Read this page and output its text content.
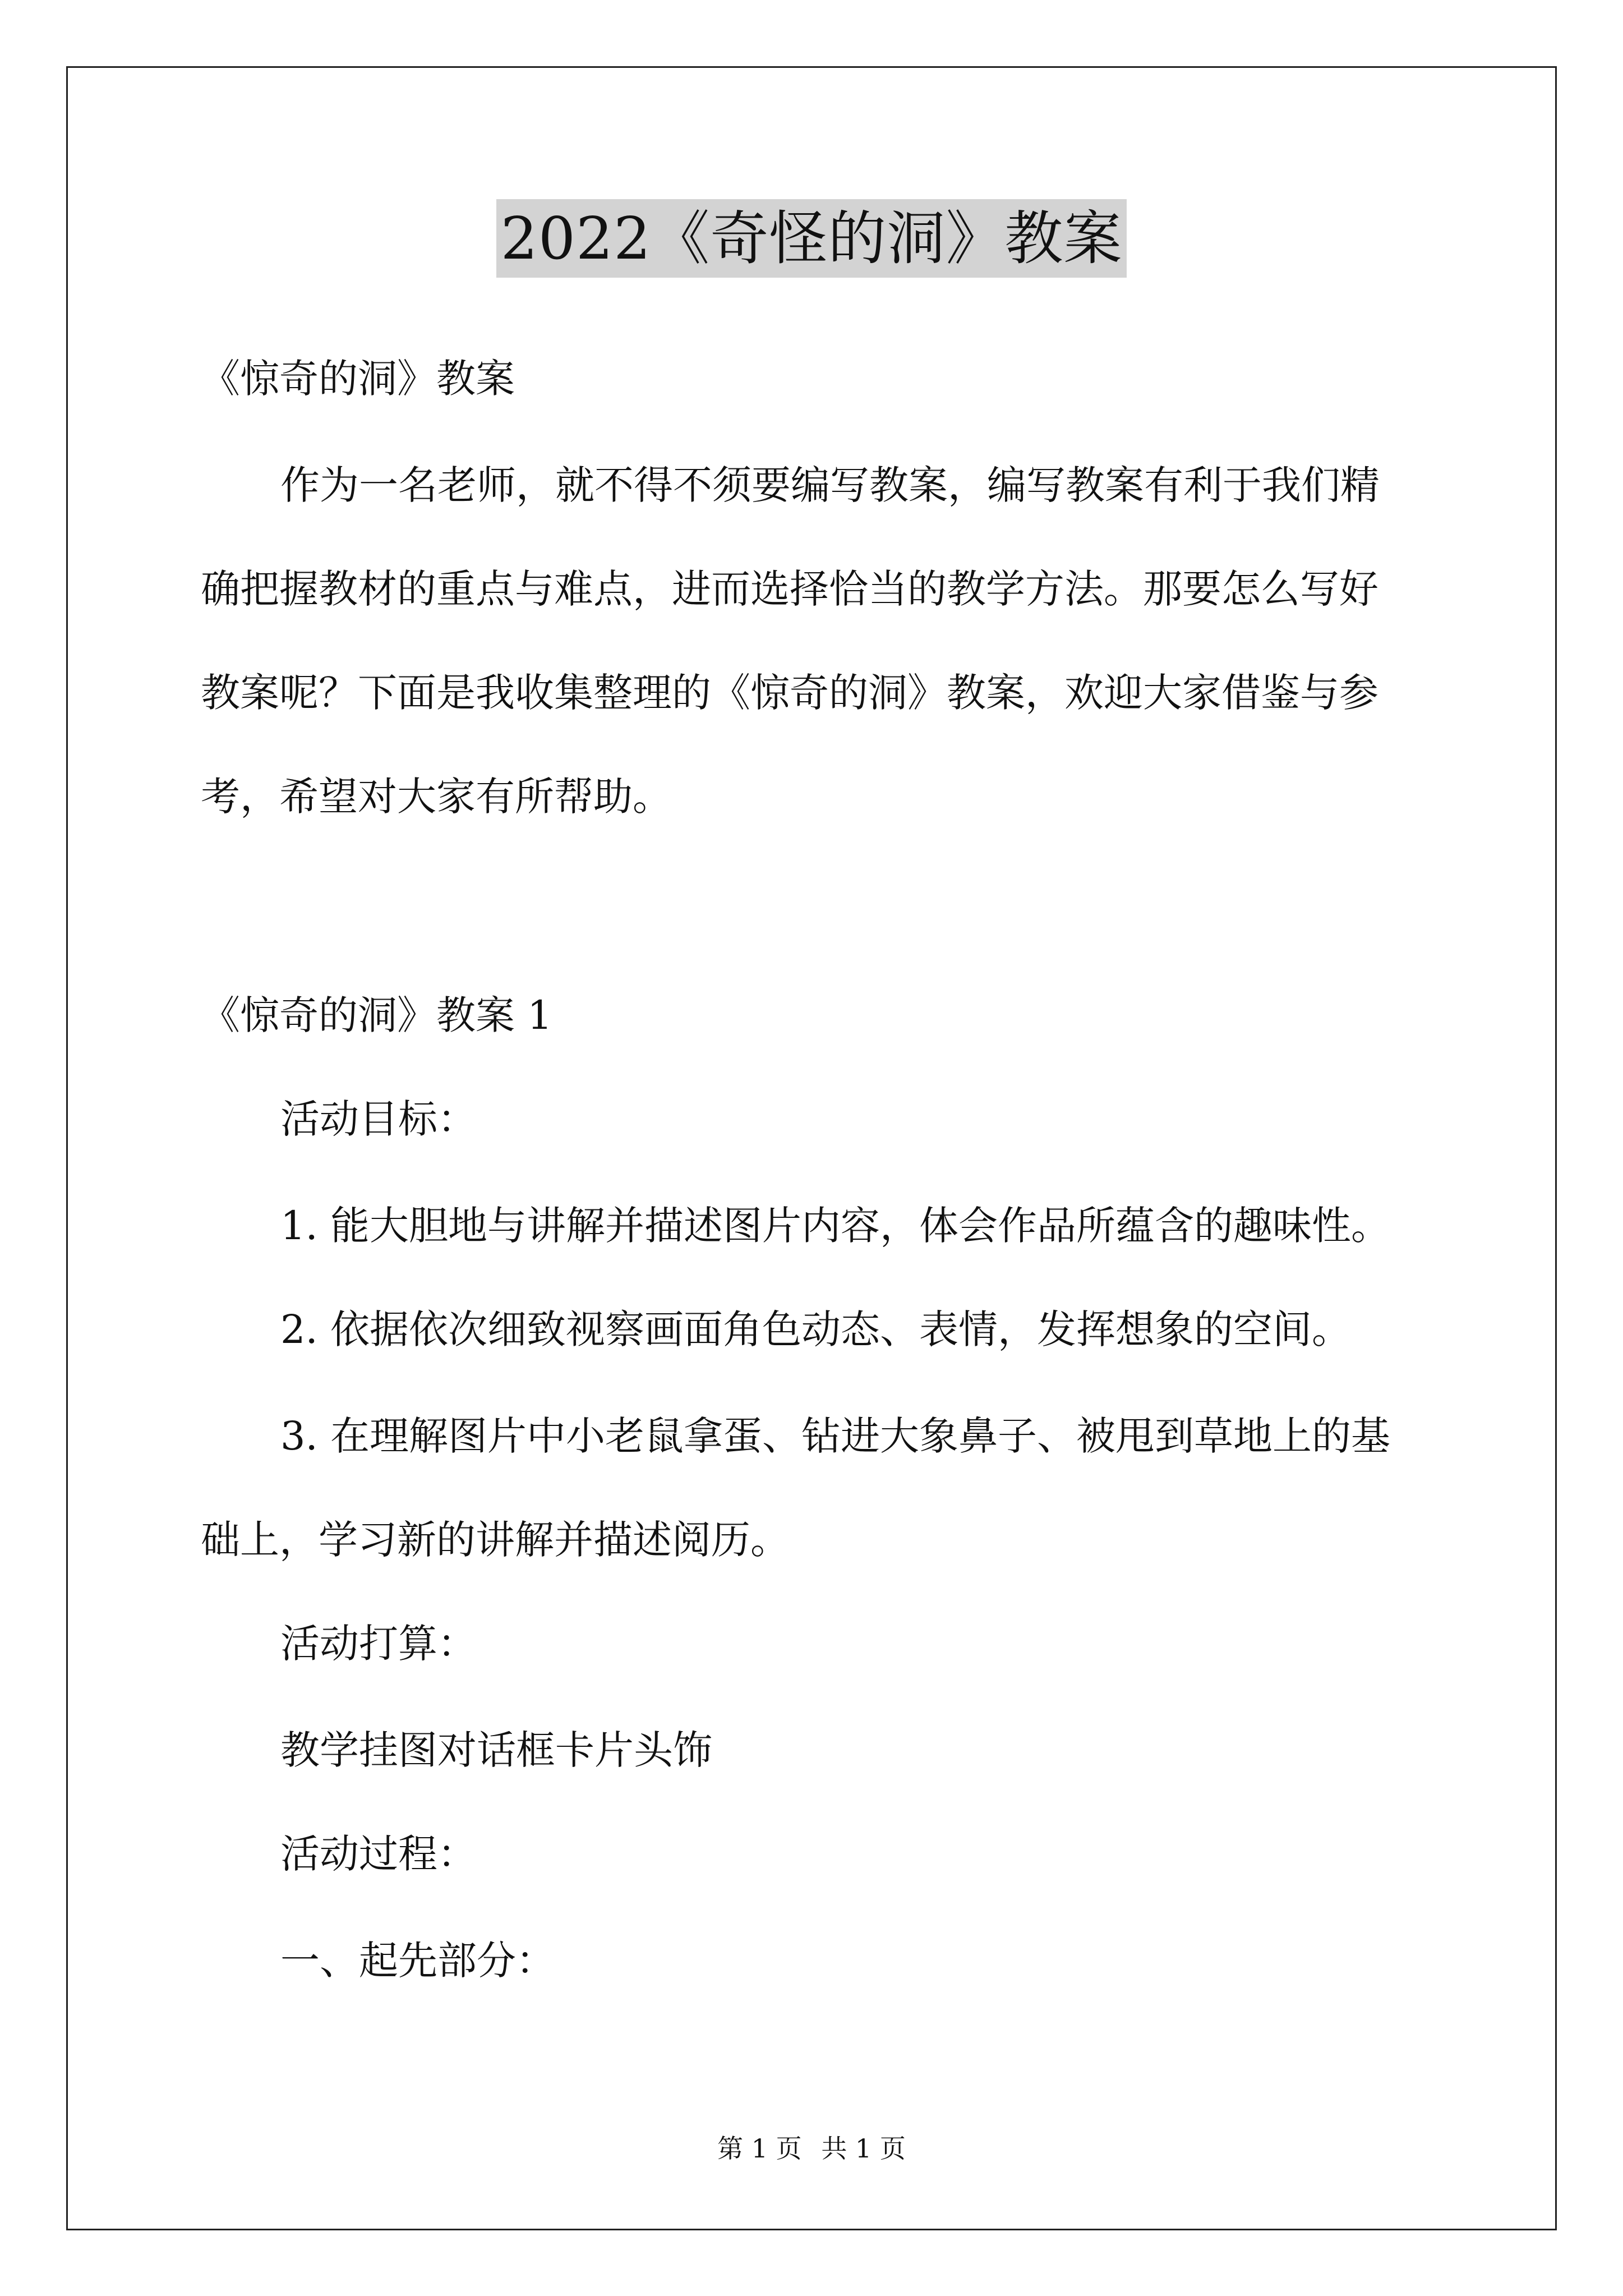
2022《奇怪的洞》教案
《惊奇的洞》教案
作为一名老师，就不得不须要编写教案，编写教案有利于我们精
确把握教材的重点与难点，进而选择恰当的教学方法。那要怎么写好
教案呢？下面是我收集整理的《惊奇的洞》教案，欢迎大家借鉴与参
考，希望对大家有所帮助。
《惊奇的洞》教案 1
活动目标：
1. 能大胆地与讲解并描述图片内容，体会作品所蕴含的趣味性。
2. 依据依次细致视察画面角色动态、表情，发挥想象的空间。
3. 在理解图片中小老鼠拿蛋、钻进大象鼻子、被甩到草地上的基
础上，学习新的讲解并描述阅历。
活动打算：
教学挂图对话框卡片头饰
活动过程：
一、起先部分：
第 1 页 共 1 页
